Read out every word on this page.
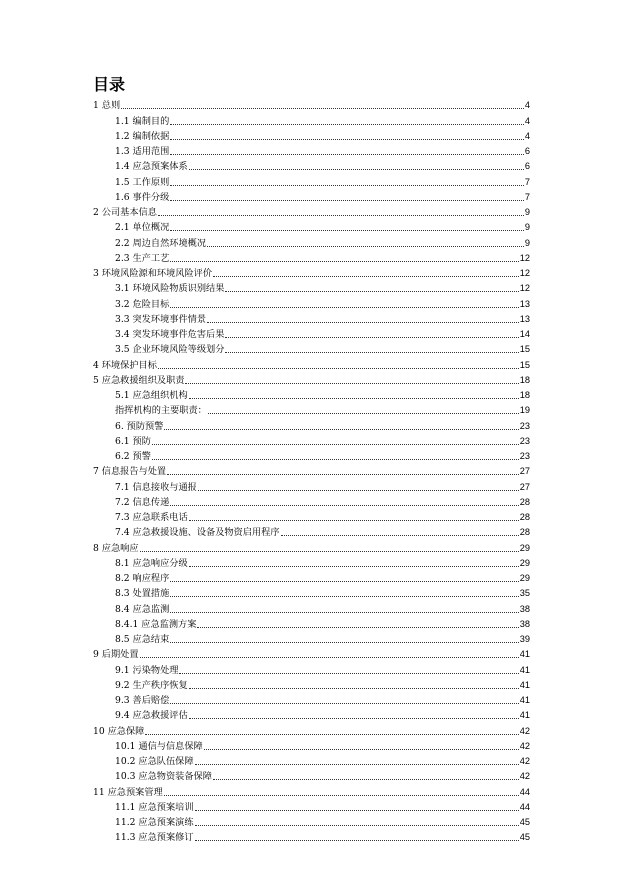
目录
1 总则	4
1.1 编制目的	4
1.2 编制依据	4
1.3 适用范围	6
1.4 应急预案体系	6
1.5 工作原则	7
1.6 事件分级	7
2 公司基本信息	9
2.1 单位概况	9
2.2 周边自然环境概况	9
2.3 生产工艺	12
3 环境风险源和环境风险评价	12
3.1 环境风险物质识别结果	12
3.2 危险目标	13
3.3 突发环境事件情景	13
3.4 突发环境事件危害后果	14
3.5 企业环境风险等级划分	15
4 环境保护目标	15
5 应急救援组织及职责	18
5.1 应急组织机构	18
指挥机构的主要职责：	19
6. 预防预警	23
6.1 预防	23
6.2 预警	23
7 信息报告与处置	27
7.1 信息接收与通报	27
7.2 信息传递	28
7.3 应急联系电话	28
7.4 应急救援设施、设备及物资启用程序	28
8 应急响应	29
8.1 应急响应分级	29
8.2 响应程序	29
8.3 处置措施	35
8.4 应急监测	38
8.4.1 应急监测方案	38
8.5 应急结束	39
9 后期处置	41
9.1 污染物处理	41
9.2 生产秩序恢复	41
9.3 善后赔偿	41
9.4 应急救援评估	41
10 应急保障	42
10.1 通信与信息保障	42
10.2 应急队伍保障	42
10.3 应急物资装备保障	42
11 应急预案管理	44
11.1 应急预案培训	44
11.2 应急预案演练	45
11.3 应急预案修订	45
